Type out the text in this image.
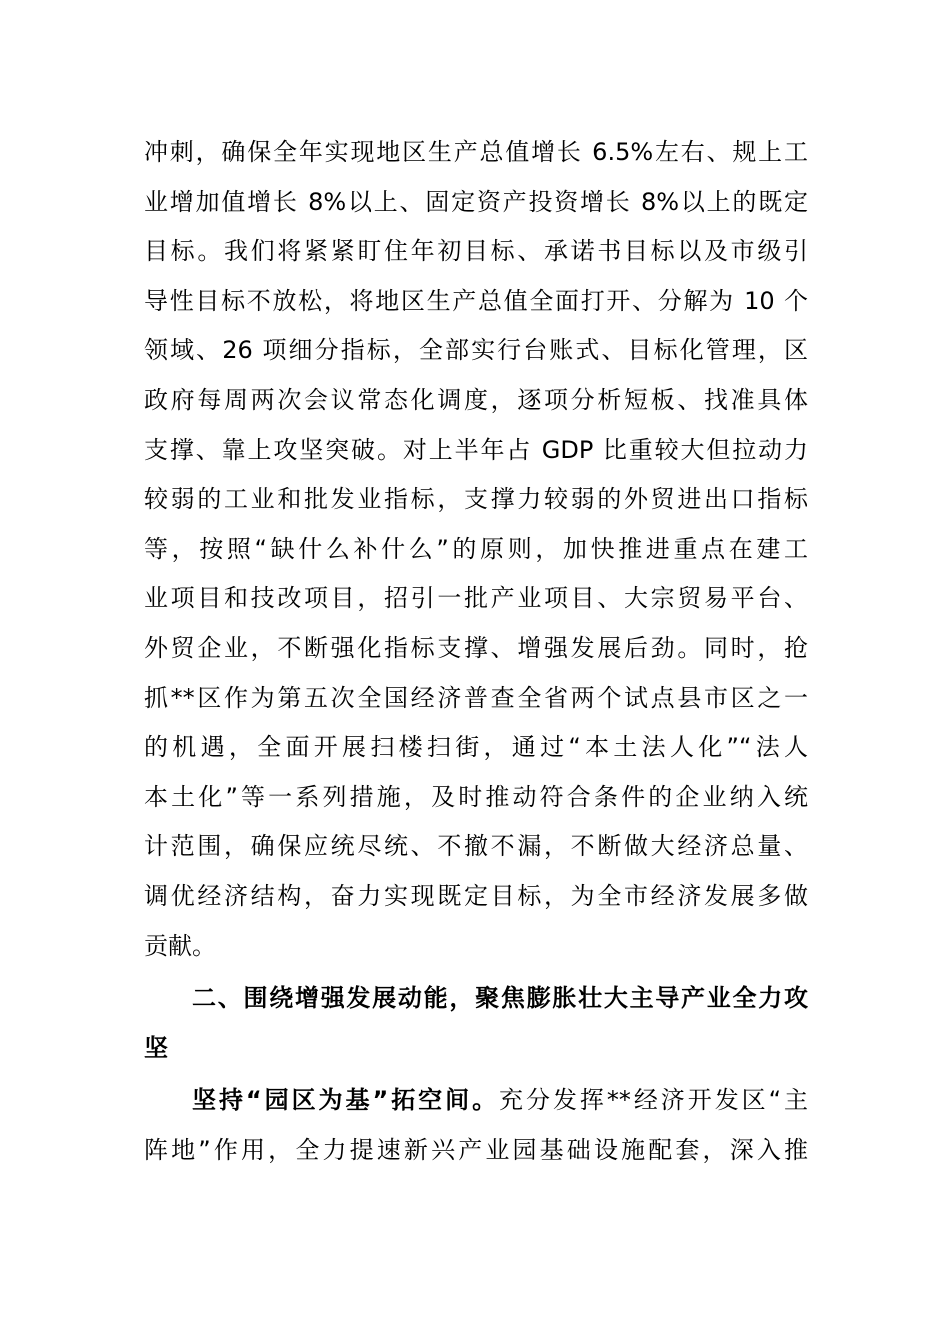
冲刺，确保全年实现地区生产总值增长 6.5%左右、规上工
业增加值增长 8%以上、固定资产投资增长 8%以上的既定
目标。我们将紧紧盯住年初目标、承诺书目标以及市级引
导性目标不放松，将地区生产总值全面打开、分解为 10 个
领域、26 项细分指标，全部实行台账式、目标化管理，区
政府每周两次会议常态化调度，逐项分析短板、找准具体
支撑、靠上攻坚突破。对上半年占 GDP 比重较大但拉动力
较弱的工业和批发业指标，支撑力较弱的外贸进出口指标
等，按照“缺什么补什么”的原则，加快推进重点在建工
业项目和技改项目，招引一批产业项目、大宗贸易平台、
外贸企业，不断强化指标支撑、增强发展后劲。同时，抢
抓**区作为第五次全国经济普查全省两个试点县市区之一
的机遇，全面开展扫楼扫街，通过“本土法人化”“法人
本土化”等一系列措施，及时推动符合条件的企业纳入统
计范围，确保应统尽统、不撤不漏，不断做大经济总量、
调优经济结构，奋力实现既定目标，为全市经济发展多做
贡献。
二、围绕增强发展动能，聚焦膨胀壮大主导产业全力攻
坚
坚持“园区为基”拓空间。充分发挥**经济开发区“主
阵地”作用，全力提速新兴产业园基础设施配套，深入推
